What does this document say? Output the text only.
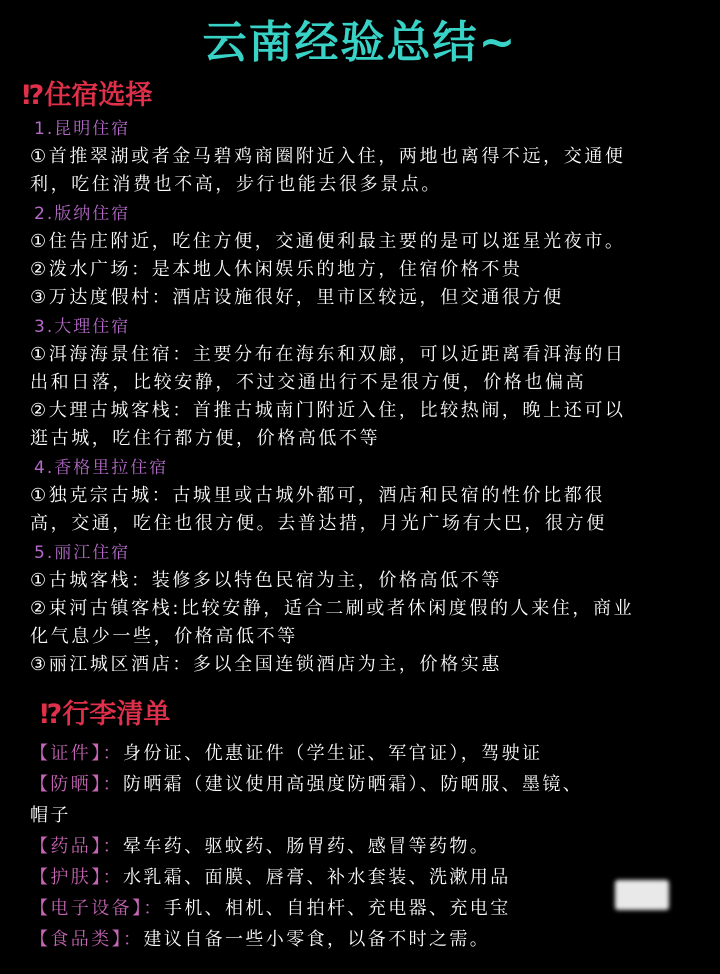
云南经验总结~
⁉住宿选择
1.昆明住宿
①首推翠湖或者金马碧鸡商圈附近入住，两地也离得不远，交通便
利，吃住消费也不高，步行也能去很多景点。
2.版纳住宿
①住告庄附近，吃住方便，交通便利最主要的是可以逛星光夜市。
②泼水广场：是本地人休闲娱乐的地方，住宿价格不贵
③万达度假村：酒店设施很好，里市区较远，但交通很方便
3.大理住宿
①洱海海景住宿：主要分布在海东和双廊，可以近距离看洱海的日
出和日落，比较安静，不过交通出行不是很方便，价格也偏高
②大理古城客栈：首推古城南门附近入住，比较热闹，晚上还可以
逛古城，吃住行都方便，价格高低不等
4.香格里拉住宿
①独克宗古城：古城里或古城外都可，酒店和民宿的性价比都很
高，交通，吃住也很方便。去普达措，月光广场有大巴，很方便
5.丽江住宿
①古城客栈：装修多以特色民宿为主，价格高低不等
②束河古镇客栈:比较安静，适合二刷或者休闲度假的人来住，商业
化气息少一些，价格高低不等
③丽江城区酒店：多以全国连锁酒店为主，价格实惠
⁉行李清单
【证件】：身份证、优惠证件（学生证、军官证），驾驶证
【防晒】：防晒霜（建议使用高强度防晒霜）、防晒服、墨镜、
帽子
【药品】：晕车药、驱蚊药、肠胃药、感冒等药物。
【护肤】：水乳霜、面膜、唇膏、补水套装、洗漱用品
【电子设备】：手机、相机、自拍杆、充电器、充电宝
【食品类】：建议自备一些小零食，以备不时之需。
